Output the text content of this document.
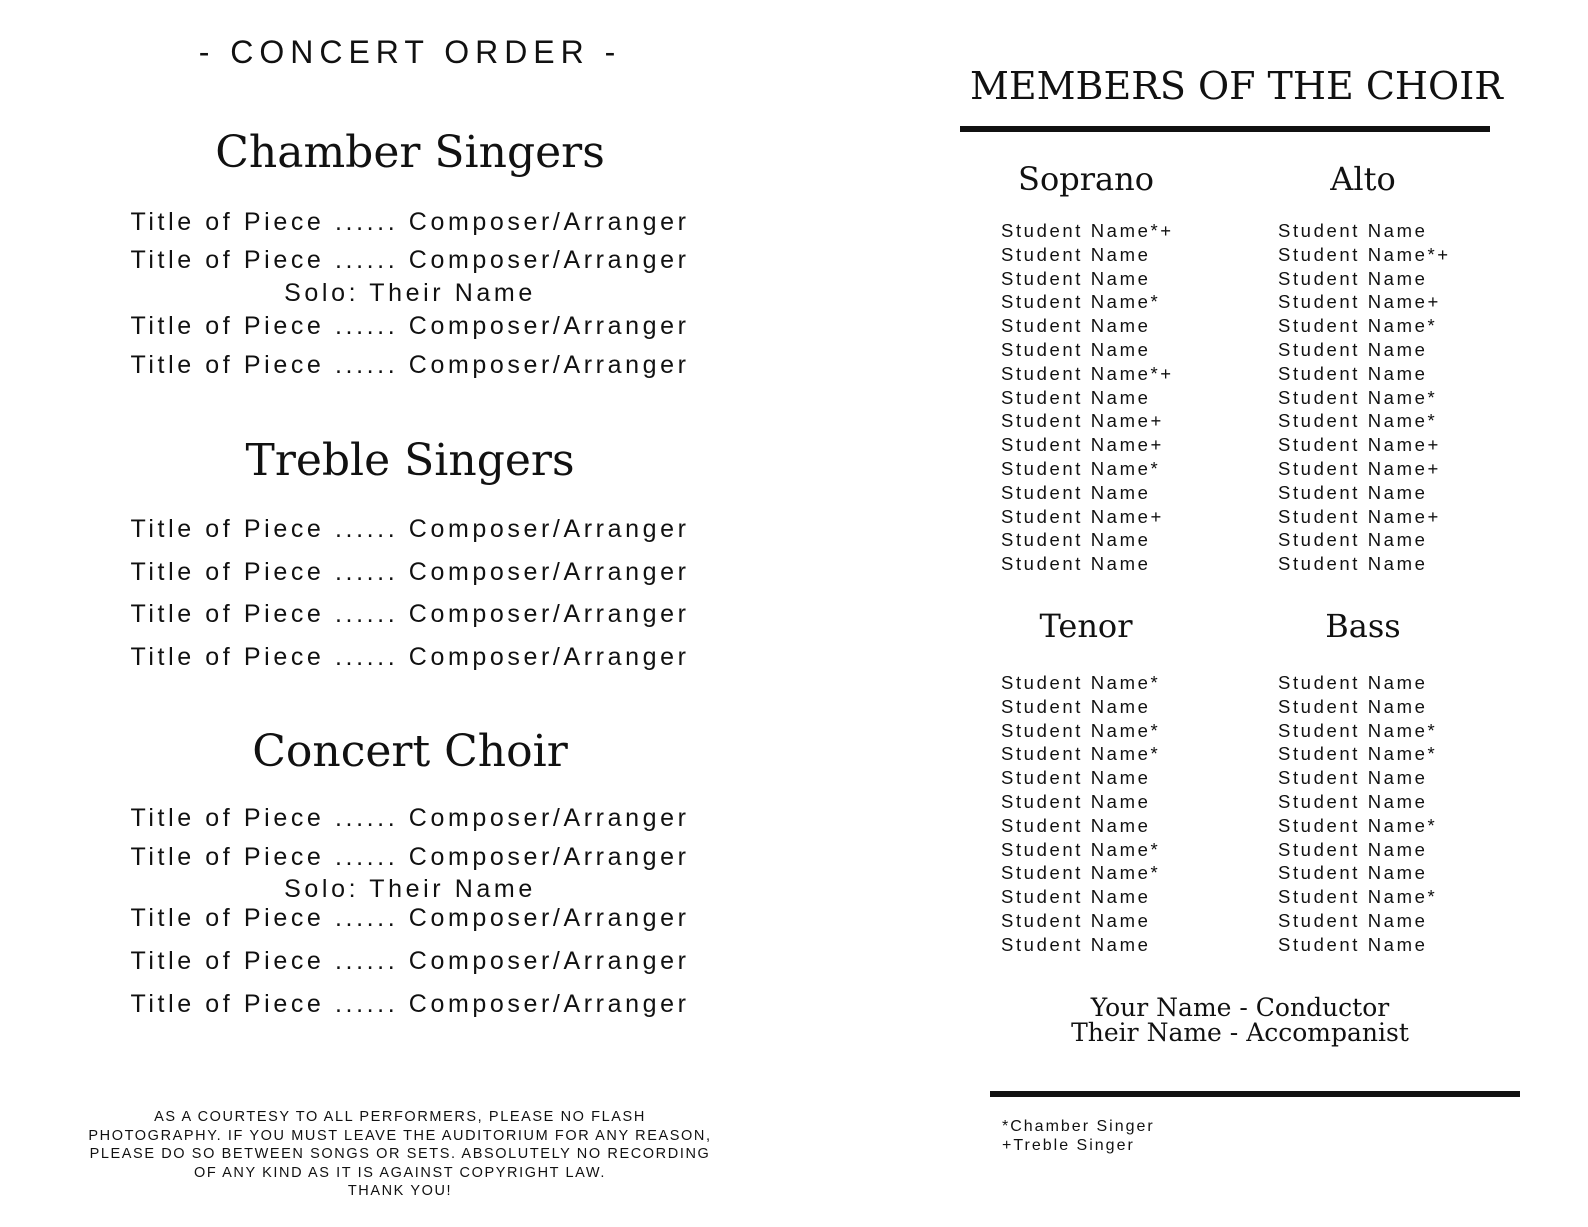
- CONCERT ORDER -
Chamber Singers
Title of Piece ...... Composer/Arranger
Title of Piece ...... Composer/Arranger
Solo: Their Name
Title of Piece ...... Composer/Arranger
Title of Piece ...... Composer/Arranger
Treble Singers
Title of Piece ...... Composer/Arranger
Title of Piece ...... Composer/Arranger
Title of Piece ...... Composer/Arranger
Title of Piece ...... Composer/Arranger
Concert Choir
Title of Piece ...... Composer/Arranger
Title of Piece ...... Composer/Arranger
Solo: Their Name
Title of Piece ...... Composer/Arranger
Title of Piece ...... Composer/Arranger
Title of Piece ...... Composer/Arranger
AS A COURTESY TO ALL PERFORMERS, PLEASE NO FLASH
PHOTOGRAPHY. IF YOU MUST LEAVE THE AUDITORIUM FOR ANY REASON,
PLEASE DO SO BETWEEN SONGS OR SETS. ABSOLUTELY NO RECORDING
OF ANY KIND AS IT IS AGAINST COPYRIGHT LAW.
THANK YOU!
MEMBERS OF THE CHOIR
Soprano
Student Name*+
Student Name
Student Name
Student Name*
Student Name
Student Name
Student Name*+
Student Name
Student Name+
Student Name+
Student Name*
Student Name
Student Name+
Student Name
Student Name
Alto
Student Name
Student Name*+
Student Name
Student Name+
Student Name*
Student Name
Student Name
Student Name*
Student Name*
Student Name+
Student Name+
Student Name
Student Name+
Student Name
Student Name
Tenor
Student Name*
Student Name
Student Name*
Student Name*
Student Name
Student Name
Student Name
Student Name*
Student Name*
Student Name
Student Name
Student Name
Bass
Student Name
Student Name
Student Name*
Student Name*
Student Name
Student Name
Student Name*
Student Name
Student Name
Student Name*
Student Name
Student Name
Your Name - Conductor
Their Name - Accompanist
*Chamber Singer
+Treble Singer
